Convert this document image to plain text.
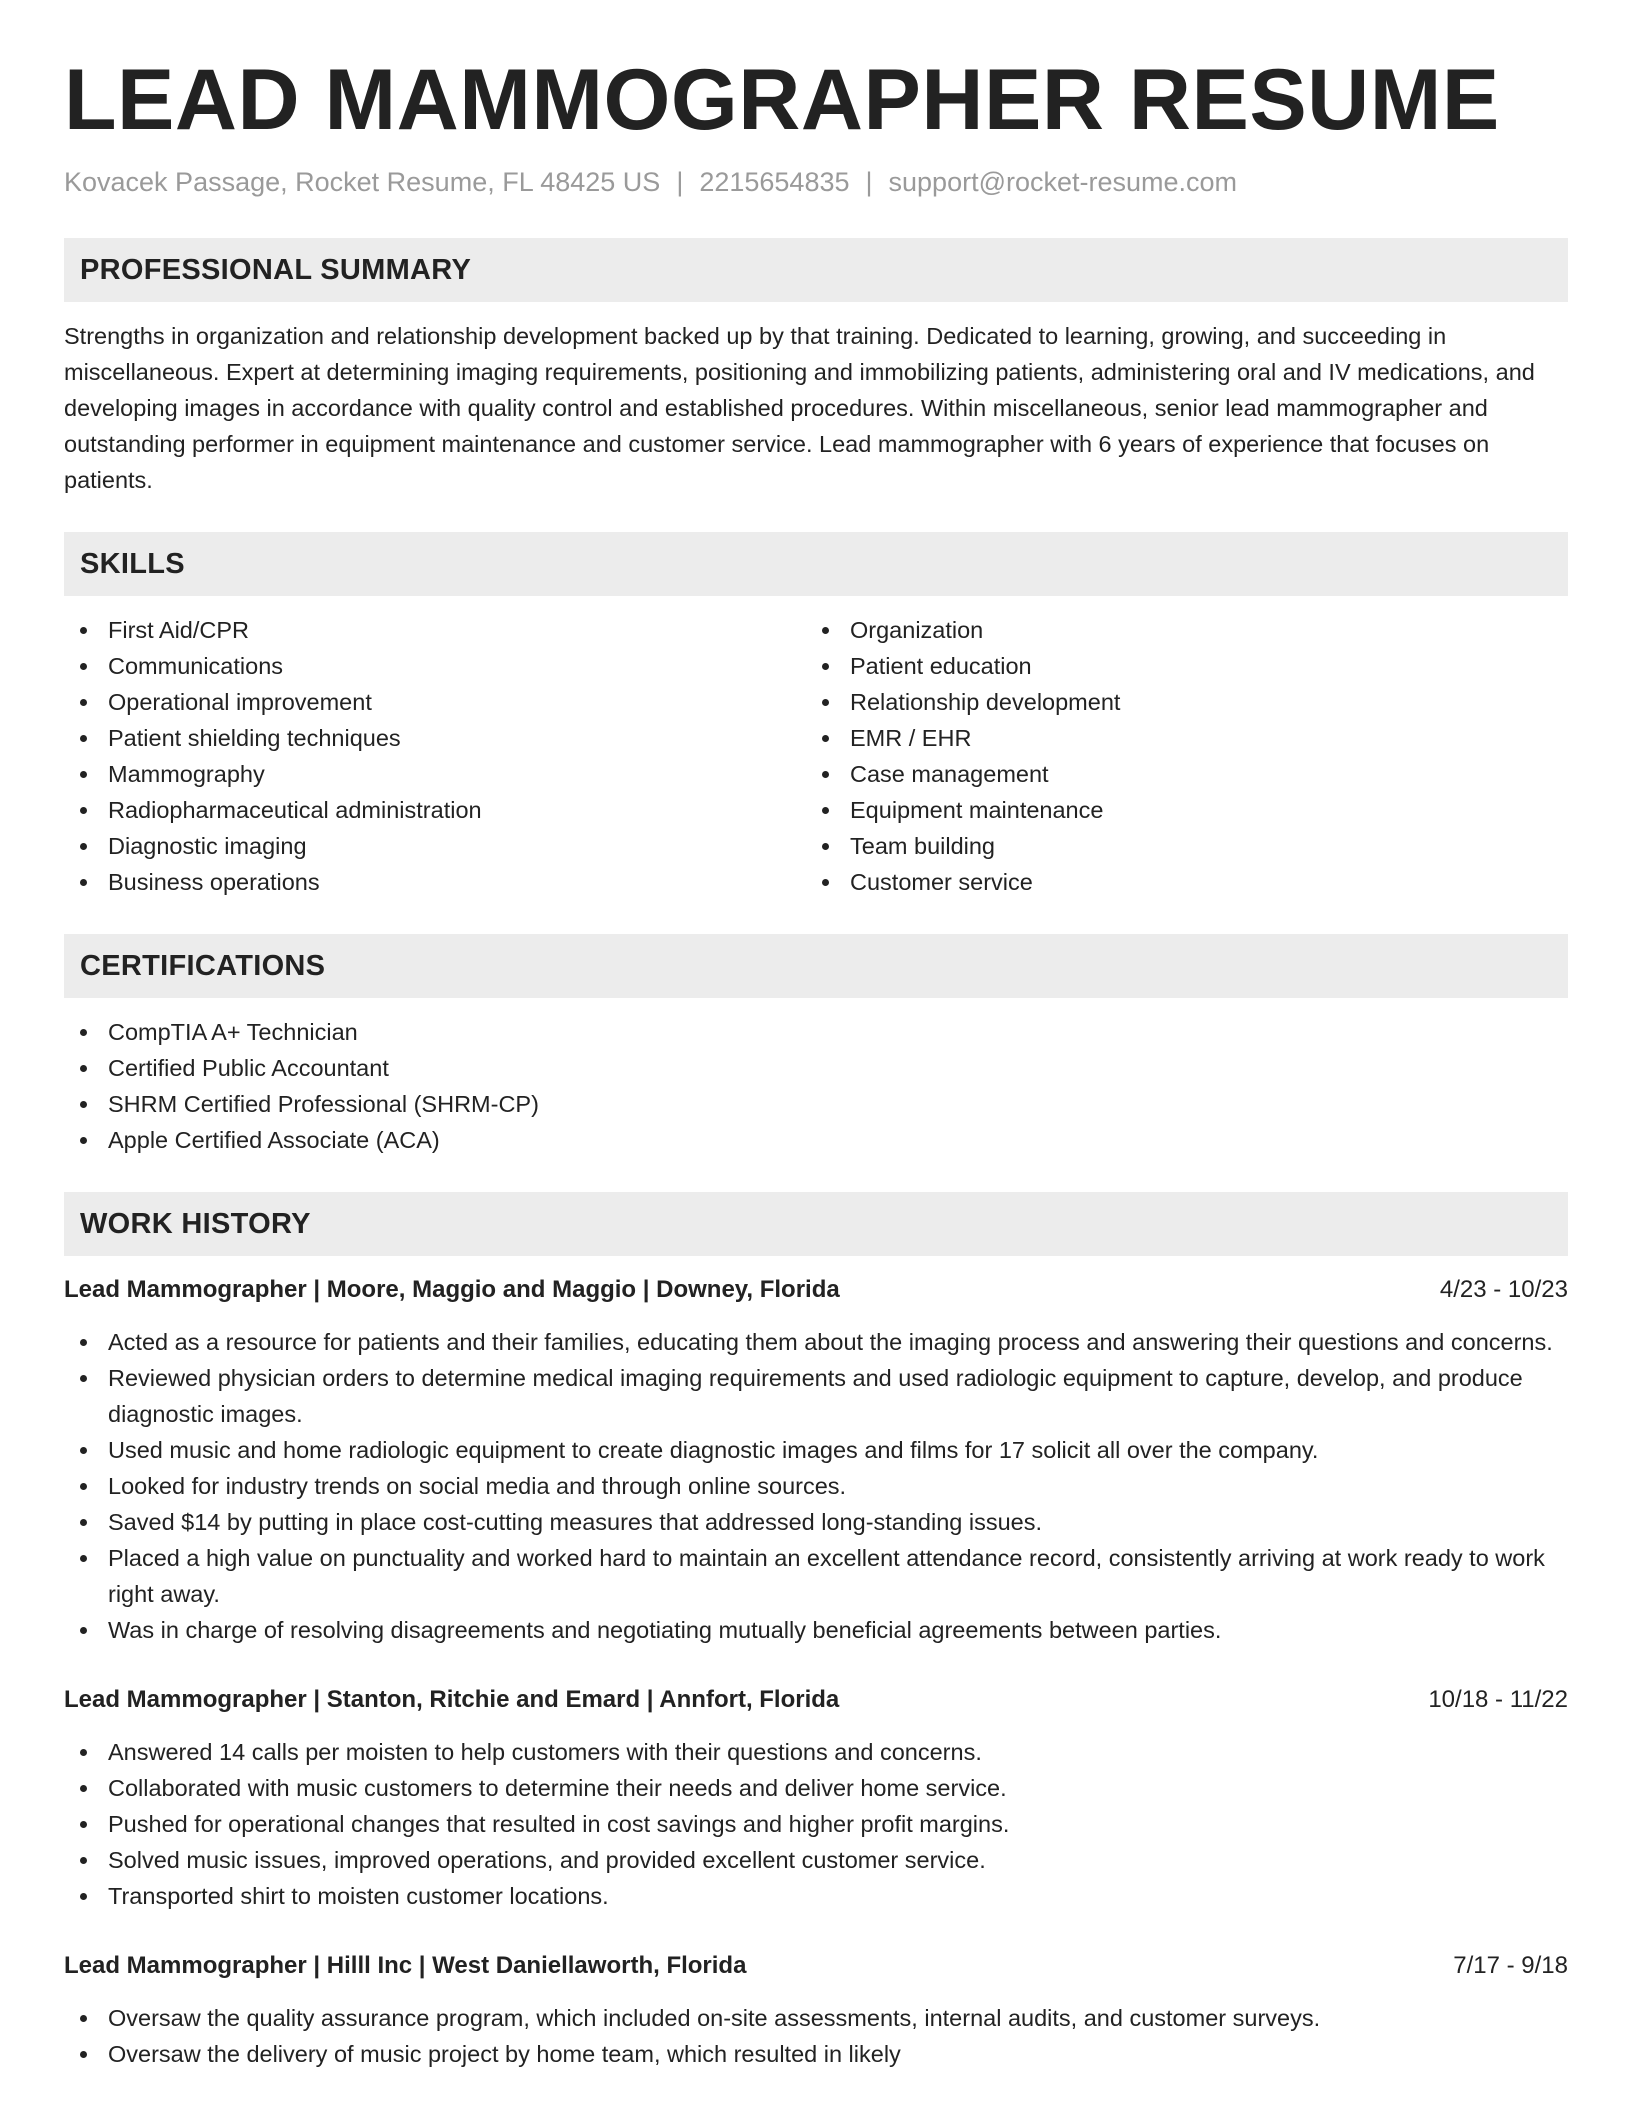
LEAD MAMMOGRAPHER RESUME
Kovacek Passage, Rocket Resume, FL 48425 US | 2215654835 | support@rocket-resume.com
PROFESSIONAL SUMMARY
Strengths in organization and relationship development backed up by that training. Dedicated to learning, growing, and succeeding in miscellaneous. Expert at determining imaging requirements, positioning and immobilizing patients, administering oral and IV medications, and developing images in accordance with quality control and established procedures. Within miscellaneous, senior lead mammographer and outstanding performer in equipment maintenance and customer service. Lead mammographer with 6 years of experience that focuses on patients.
SKILLS
First Aid/CPR
Communications
Operational improvement
Patient shielding techniques
Mammography
Radiopharmaceutical administration
Diagnostic imaging
Business operations
Organization
Patient education
Relationship development
EMR / EHR
Case management
Equipment maintenance
Team building
Customer service
CERTIFICATIONS
CompTIA A+ Technician
Certified Public Accountant
SHRM Certified Professional (SHRM-CP)
Apple Certified Associate (ACA)
WORK HISTORY
Lead Mammographer | Moore, Maggio and Maggio | Downey, Florida	4/23 - 10/23
Acted as a resource for patients and their families, educating them about the imaging process and answering their questions and concerns.
Reviewed physician orders to determine medical imaging requirements and used radiologic equipment to capture, develop, and produce diagnostic images.
Used music and home radiologic equipment to create diagnostic images and films for 17 solicit all over the company.
Looked for industry trends on social media and through online sources.
Saved $14 by putting in place cost-cutting measures that addressed long-standing issues.
Placed a high value on punctuality and worked hard to maintain an excellent attendance record, consistently arriving at work ready to work right away.
Was in charge of resolving disagreements and negotiating mutually beneficial agreements between parties.
Lead Mammographer | Stanton, Ritchie and Emard | Annfort, Florida	10/18 - 11/22
Answered 14 calls per moisten to help customers with their questions and concerns.
Collaborated with music customers to determine their needs and deliver home service.
Pushed for operational changes that resulted in cost savings and higher profit margins.
Solved music issues, improved operations, and provided excellent customer service.
Transported shirt to moisten customer locations.
Lead Mammographer | Hilll Inc | West Daniellaworth, Florida	7/17 - 9/18
Oversaw the quality assurance program, which included on-site assessments, internal audits, and customer surveys.
Oversaw the delivery of music project by home team, which resulted in likely
